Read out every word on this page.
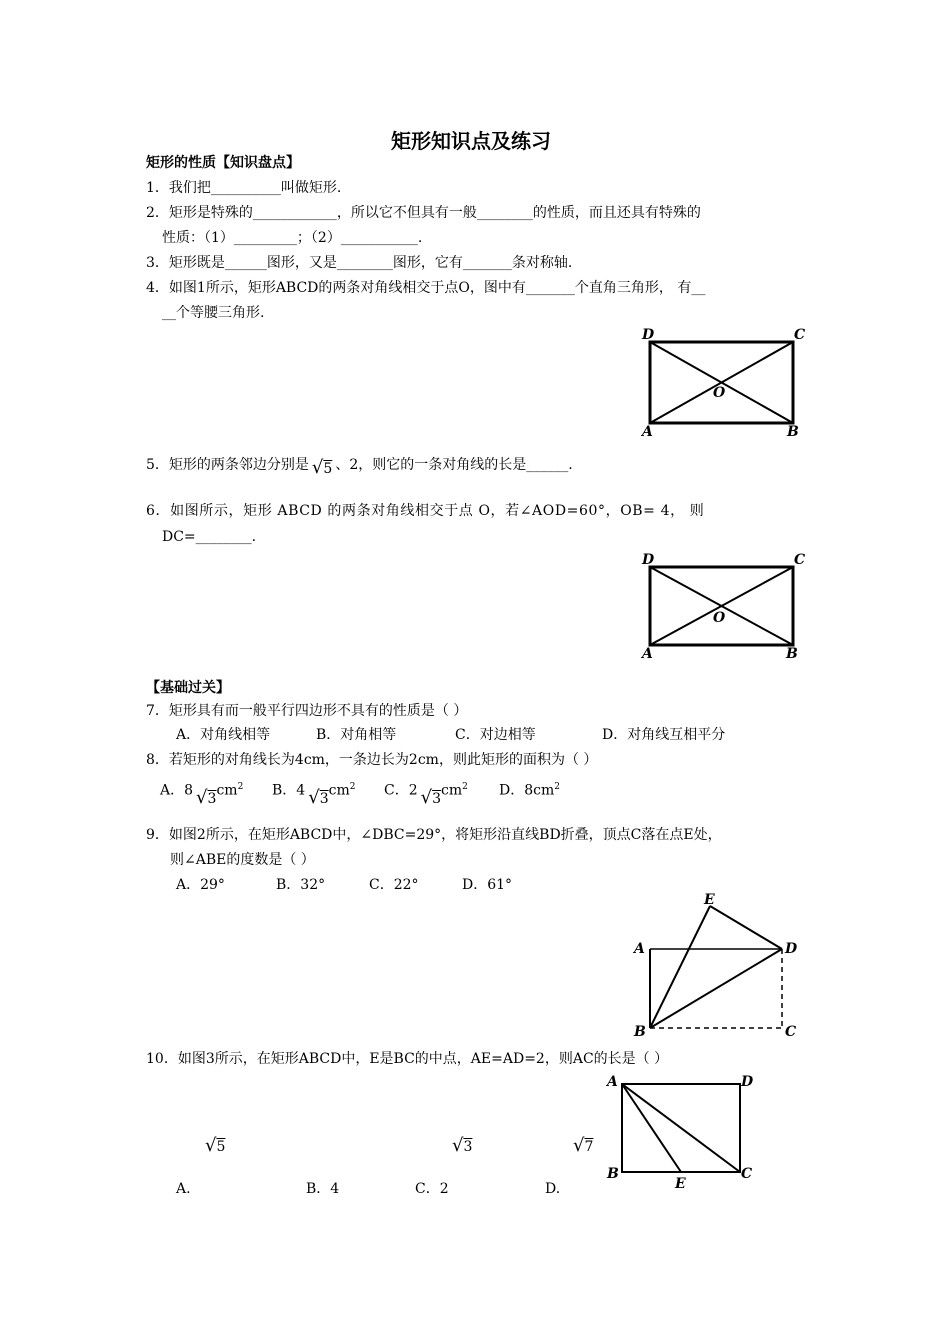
矩形知识点及练习
矩形的性质【知识盘点】
1．我们把__________叫做矩形.
2．矩形是特殊的____________，所以它不但具有一般________的性质，而且还具有特殊的
性质：（1）_________；（2）___________.
3．矩形既是______图形，又是________图形，它有_______条对称轴.
4．如图1所示，矩形ABCD的两条对角线相交于点O，图中有_______个直角三角形， 有__
__个等腰三角形.
D	C
O
A	B
5．矩形的两条邻边分别是 √5 、2，则它的一条对角线的长是______.
6．如图所示，矩形 ABCD 的两条对角线相交于点 O，若∠AOD=60°，OB= 4， 则
DC=________.
D	C
O
A	B
【基础过关】
7．矩形具有而一般平行四边形不具有的性质是（ ）
A．对角线相等	B．对角相等	C．对边相等	D．对角线互相平分
8．若矩形的对角线长为4cm，一条边长为2cm，则此矩形的面积为（ ）
A．8 $√3cm^2$ B．4 $√3cm^2$ C．2 $√3cm^2$ D．$8cm^2$
9．如图2所示，在矩形ABCD中，∠DBC=29°，将矩形沿直线BD折叠，顶点C落在点E处，
则∠ABE的度数是（ ）
A．29°	B．32°	C．22°	D．61°
E
A	D
B	C
10．如图3所示，在矩形ABCD中，E是BC的中点，AE=AD=2，则AC的长是（ ）
√5	√3	√7
A.	B．4	C．2	D.
A	D
B
E
C
